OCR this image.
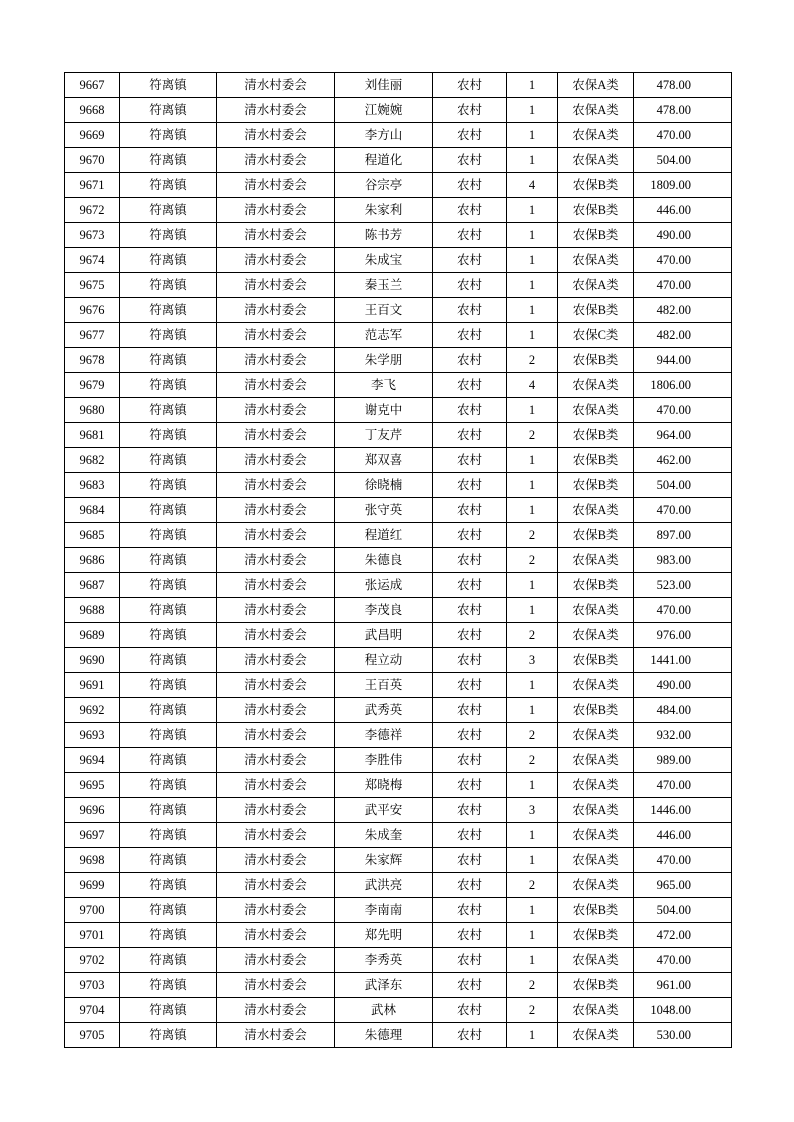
9667	符离镇	清水村委会	刘佳丽	农村	1	农保A类	478.00
9668	符离镇	清水村委会	江婉婉	农村	1	农保A类	478.00
9669	符离镇	清水村委会	李方山	农村	1	农保A类	470.00
9670	符离镇	清水村委会	程道化	农村	1	农保A类	504.00
9671	符离镇	清水村委会	谷宗亭	农村	4	农保B类	1809.00
9672	符离镇	清水村委会	朱家利	农村	1	农保B类	446.00
9673	符离镇	清水村委会	陈书芳	农村	1	农保B类	490.00
9674	符离镇	清水村委会	朱成宝	农村	1	农保A类	470.00
9675	符离镇	清水村委会	秦玉兰	农村	1	农保A类	470.00
9676	符离镇	清水村委会	王百文	农村	1	农保B类	482.00
9677	符离镇	清水村委会	范志军	农村	1	农保C类	482.00
9678	符离镇	清水村委会	朱学朋	农村	2	农保B类	944.00
9679	符离镇	清水村委会	李飞	农村	4	农保A类	1806.00
9680	符离镇	清水村委会	谢克中	农村	1	农保A类	470.00
9681	符离镇	清水村委会	丁友芹	农村	2	农保B类	964.00
9682	符离镇	清水村委会	郑双喜	农村	1	农保B类	462.00
9683	符离镇	清水村委会	徐晓楠	农村	1	农保B类	504.00
9684	符离镇	清水村委会	张守英	农村	1	农保A类	470.00
9685	符离镇	清水村委会	程道红	农村	2	农保B类	897.00
9686	符离镇	清水村委会	朱德良	农村	2	农保A类	983.00
9687	符离镇	清水村委会	张运成	农村	1	农保B类	523.00
9688	符离镇	清水村委会	李茂良	农村	1	农保A类	470.00
9689	符离镇	清水村委会	武昌明	农村	2	农保A类	976.00
9690	符离镇	清水村委会	程立动	农村	3	农保B类	1441.00
9691	符离镇	清水村委会	王百英	农村	1	农保A类	490.00
9692	符离镇	清水村委会	武秀英	农村	1	农保B类	484.00
9693	符离镇	清水村委会	李德祥	农村	2	农保A类	932.00
9694	符离镇	清水村委会	李胜伟	农村	2	农保A类	989.00
9695	符离镇	清水村委会	郑晓梅	农村	1	农保A类	470.00
9696	符离镇	清水村委会	武平安	农村	3	农保A类	1446.00
9697	符离镇	清水村委会	朱成奎	农村	1	农保A类	446.00
9698	符离镇	清水村委会	朱家辉	农村	1	农保A类	470.00
9699	符离镇	清水村委会	武洪亮	农村	2	农保A类	965.00
9700	符离镇	清水村委会	李南南	农村	1	农保B类	504.00
9701	符离镇	清水村委会	郑先明	农村	1	农保B类	472.00
9702	符离镇	清水村委会	李秀英	农村	1	农保A类	470.00
9703	符离镇	清水村委会	武泽东	农村	2	农保B类	961.00
9704	符离镇	清水村委会	武林	农村	2	农保A类	1048.00
9705	符离镇	清水村委会	朱德理	农村	1	农保A类	530.00
